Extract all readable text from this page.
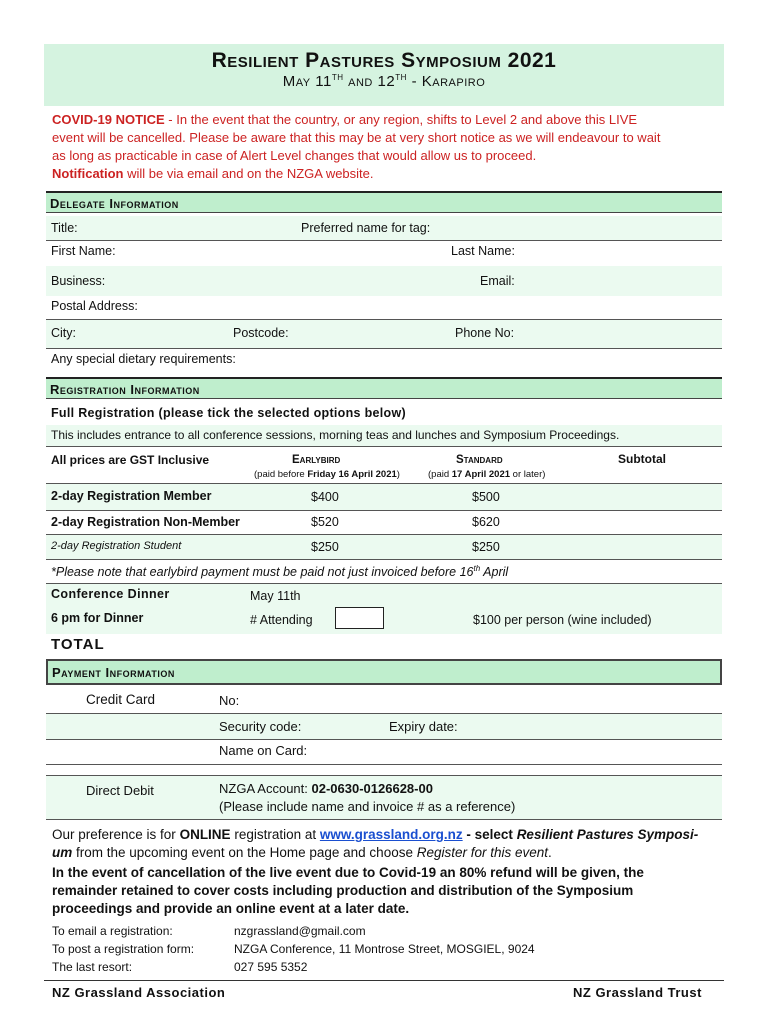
Resilient Pastures Symposium 2021
May 11TH and 12TH - Karapiro
COVID-19 NOTICE - In the event that the country, or any region, shifts to Level 2 and above this LIVE
event will be cancelled. Please be aware that this may be at very short notice as we will endeavour to wait
as long as practicable in case of Alert Level changes that would allow us to proceed.
Notification will be via email and on the NZGA website.
Delegate Information
Title:	Preferred name for tag:
First Name:	Last Name:
Business:	Email:
Postal Address:
City:	Postcode:	Phone No:
Any special dietary requirements:
Registration Information
Full Registration (please tick the selected options below)
This includes entrance to all conference sessions, morning teas and lunches and Symposium Proceedings.
All prices are GST Inclusive	Earlybird	Standard	Subtotal
(paid before Friday 16 April 2021)	(paid 17 April 2021 or later)
2-day Registration Member	$400	$500
2-day Registration Non-Member	$520	$620
2-day Registration Student	$250	$250
*Please note that earlybird payment must be paid not just invoiced before 16th April
Conference Dinner	May 11th
6 pm for Dinner	# Attending	$100 per person (wine included)
TOTAL
Payment Information
Credit Card	No:
Security code:	Expiry date:
Name on Card:
Direct Debit	NZGA Account: 02-0630-0126628-00
(Please include name and invoice # as a reference)
Our preference is for ONLINE registration at www.grassland.org.nz - select Resilient Pastures Symposi-
um from the upcoming event on the Home page and choose Register for this event.
In the event of cancellation of the live event due to Covid-19 an 80% refund will be given, the
remainder retained to cover costs including production and distribution of the Symposium
proceedings and provide an online event at a later date.
To email a registration:	nzgrassland@gmail.com
To post a registration form:	NZGA Conference, 11 Montrose Street, MOSGIEL, 9024
The last resort:	027 595 5352
NZ Grassland Association	NZ Grassland Trust
